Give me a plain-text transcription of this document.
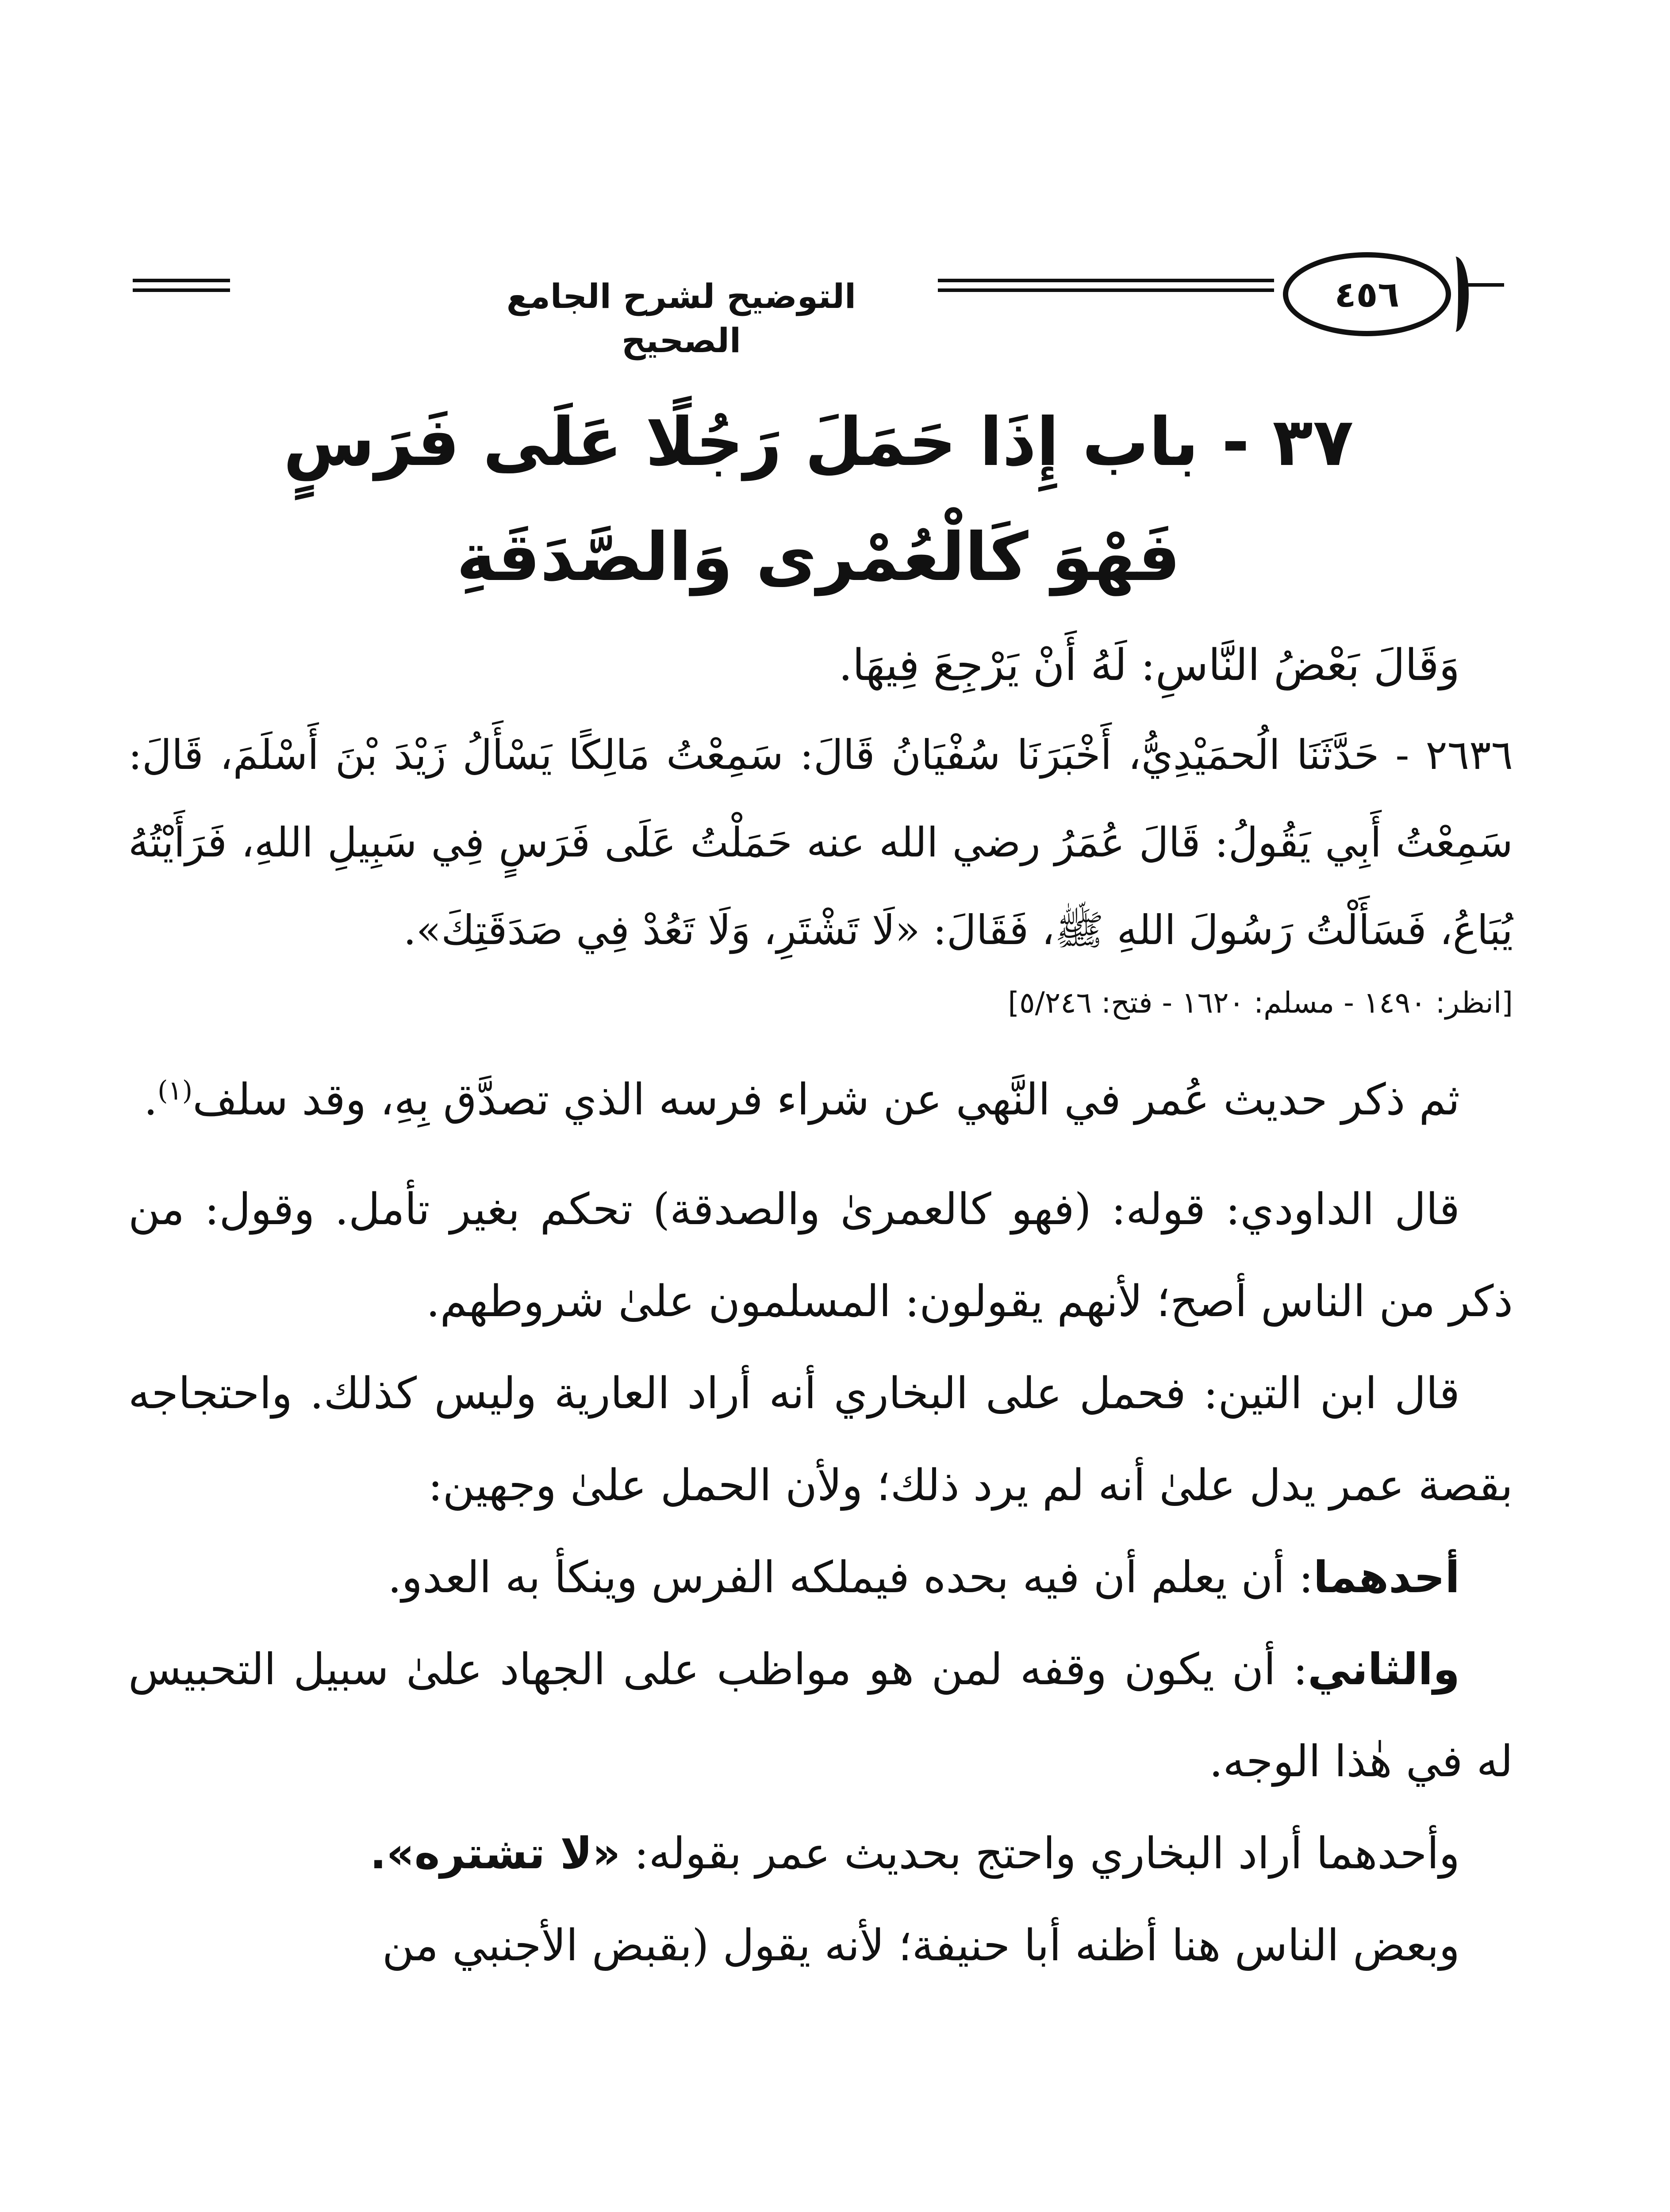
التوضيح لشرح الجامع الصحيح
٤٥٦
٣٧ - باب إِذَا حَمَلَ رَجُلًا عَلَى فَرَسٍ
فَهْوَ كَالْعُمْرى وَالصَّدَقَةِ

وَقَالَ بَعْضُ النَّاسِ: لَهُ أَنْ يَرْجِعَ فِيهَا.

٢٦٣٦ - حَدَّثَنَا الُحمَيْدِيُّ، أَخْبَرَنَا سُفْيَانُ قَالَ: سَمِعْتُ مَالِكًا يَسْأَلُ زَيْدَ بْنَ أَسْلَمَ، قَالَ: سَمِعْتُ أَبِي يَقُولُ: قَالَ عُمَرُ رضي الله عنه حَمَلْتُ عَلَى فَرَسٍ فِي سَبِيلِ اللهِ، فَرَأَيْتُهُ يُبَاعُ، فَسَأَلْتُ رَسُولَ اللهِ ﷺ، فَقَالَ: «لَا تَشْتَرِ، وَلَا تَعُدْ فِي صَدَقَتِكَ».

[انظر: ١٤٩٠ - مسلم: ١٦٢٠ - فتح: ٥/٢٤٦]

ثم ذكر حديث عُمر في النَّهي عن شراء فرسه الذي تصدَّق بِهِ، وقد سلف$^{(١)}$.

قال الداودي: قوله: (فهو كالعمرىٰ والصدقة) تحكم بغير تأمل. وقول: من ذكر من الناس أصح؛ لأنهم يقولون: المسلمون علىٰ شروطهم.

قال ابن التين: فحمل على البخاري أنه أراد العارية وليس كذلك. واحتجاجه بقصة عمر يدل علىٰ أنه لم يرد ذلك؛ ولأن الحمل علىٰ وجهين:

أحدهما: أن يعلم أن فيه بحده فيملكه الفرس وينكأ به العدو.

والثاني: أن يكون وقفه لمن هو مواظب على الجهاد علىٰ سبيل التحبيس له في هٰذا الوجه.

وأحدهما أراد البخاري واحتج بحديث عمر بقوله: «لا تشتره».

وبعض الناس هنا أظنه أبا حنيفة؛ لأنه يقول (بقبض الأجنبي من
